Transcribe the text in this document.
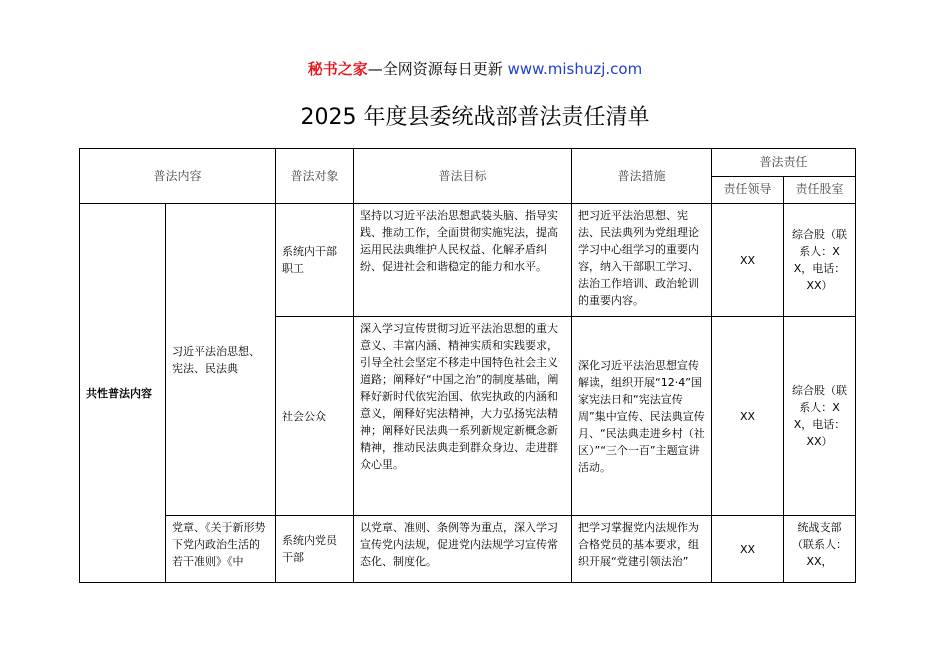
秘书之家—全网资源每日更新 www.mishuzj.com
2025 年度县委统战部普法责任清单
普法内容		普法对象	普法目标	普法措施	普法责任	
					责任领导	责任股室
共性普法内容	习近平法治思想、宪法、民法典	系统内干部职工	坚持以习近平法治思想武装头脑、指导实践、推动工作，全面贯彻实施宪法，提高运用民法典维护人民权益、化解矛盾纠纷、促进社会和谐稳定的能力和水平。	把习近平法治思想、宪法、民法典列为党组理论学习中心组学习的重要内容，纳入干部职工学习、法治工作培训、政治轮训的重要内容。	XX	综合股（联系人：XX，电话：XX）
		社会公众	深入学习宣传贯彻习近平法治思想的重大意义、丰富内涵、精神实质和实践要求，引导全社会坚定不移走中国特色社会主义道路；阐释好“中国之治”的制度基础，阐释好新时代依宪治国、依宪执政的内涵和意义，阐释好宪法精神，大力弘扬宪法精神；阐释好民法典一系列新规定新概念新精神，推动民法典走到群众身边、走进群众心里。	深化习近平法治思想宣传解读，组织开展“12·4”国家宪法日和“宪法宣传周”集中宣传、民法典宣传月、“民法典走进乡村（社区）”“三个一百”主题宣讲活动。	XX	综合股（联系人：XX，电话：XX）
	党章、《关于新形势下党内政治生活的若干准则》《中	系统内党员干部	以党章、准则、条例等为重点，深入学习宣传党内法规，促进党内法规学习宣传常态化、制度化。	把学习掌握党内法规作为合格党员的基本要求，组织开展“党建引领法治”	XX	统战支部（联系人：XX，
